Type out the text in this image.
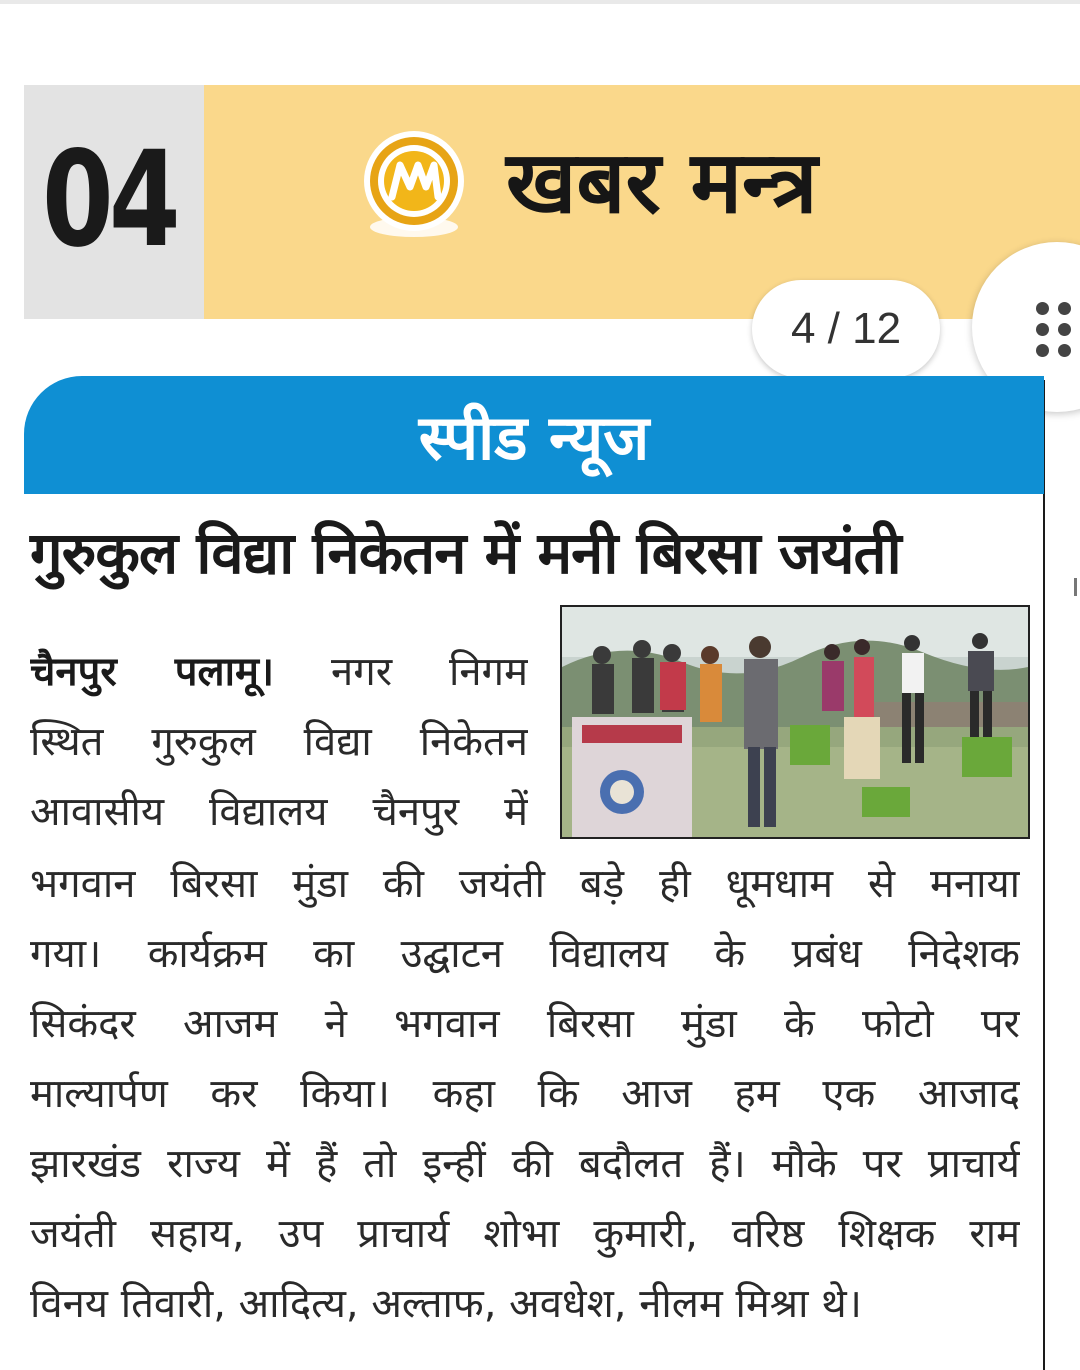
04	खबर मन्त्र
4 / 12
स्पीड न्यूज
गुरुकुल विद्या निकेतन में मनी बिरसा जयंती
चैनपुर पलामू। नगर निगम
स्थित गुरुकुल विद्या निकेतन
आवासीय विद्यालय चैनपुर में
भगवान बिरसा मुंडा की जयंती बड़े ही धूमधाम से मनाया
गया। कार्यक्रम का उद्घाटन विद्यालय के प्रबंध निदेशक
सिकंदर आजम ने भगवान बिरसा मुंडा के फोटो पर
माल्यार्पण कर किया। कहा कि आज हम एक आजाद
झारखंड राज्य में हैं तो इन्हीं की बदौलत हैं। मौके पर प्राचार्य
जयंती सहाय, उप प्राचार्य शोभा कुमारी, वरिष्ठ शिक्षक राम
विनय तिवारी, आदित्य, अल्ताफ, अवधेश, नीलम मिश्रा थे।
